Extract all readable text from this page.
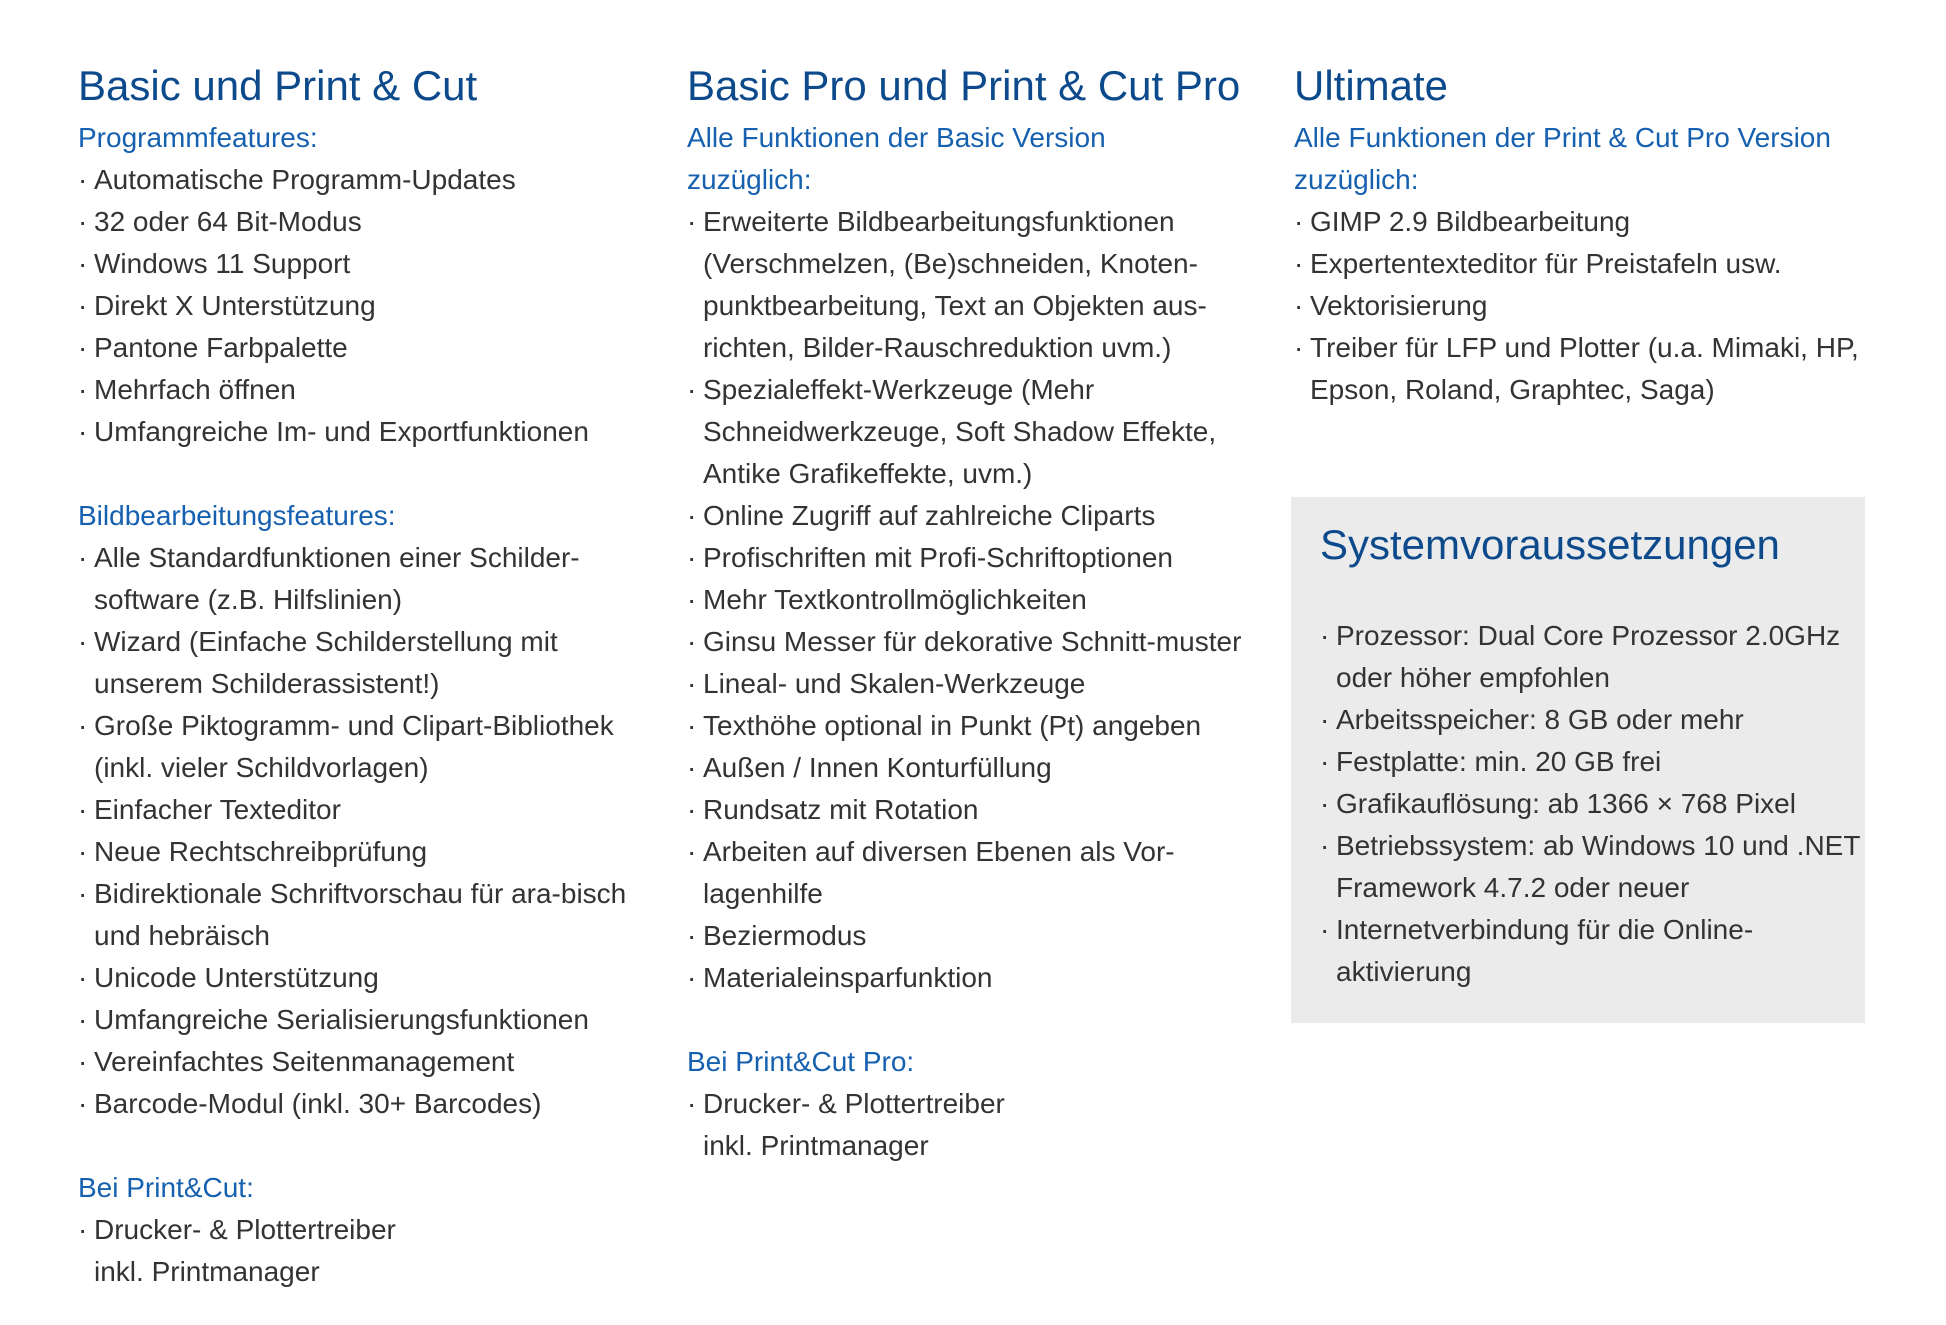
Basic und Print & Cut

Programmfeatures:

· Automatische Programm-Updates
· 32 oder 64 Bit-Modus
· Windows 11 Support
· Direkt X Unterstützung
· Pantone Farbpalette
· Mehrfach öffnen
· Umfangreiche Im- und Exportfunktionen

Bildbearbeitungsfeatures:

· Alle Standardfunktionen einer Schilder-software (z.B. Hilfslinien)
· Wizard (Einfache Schilderstellung mit unserem Schilderassistent!)
· Große Piktogramm- und Clipart-Bibliothek (inkl. vieler Schildvorlagen)
· Einfacher Texteditor
· Neue Rechtschreibprüfung
· Bidirektionale Schriftvorschau für ara-bisch und hebräisch
· Unicode Unterstützung
· Umfangreiche Serialisierungsfunktionen
· Vereinfachtes Seitenmanagement
· Barcode-Modul (inkl. 30+ Barcodes)

Bei Print&Cut:

· Drucker- & Plottertreiber inkl. Printmanager
Basic Pro und Print & Cut Pro

Alle Funktionen der Basic Version zuzüglich:

· Erweiterte Bildbearbeitungsfunktionen (Verschmelzen, (Be)schneiden, Knoten-punktbearbeitung, Text an Objekten aus-richten, Bilder-Rauschreduktion uvm.)
· Spezialeffekt-Werkzeuge (Mehr Schneidwerkzeuge, Soft Shadow Effekte, Antike Grafikeffekte, uvm.)
· Online Zugriff auf zahlreiche Cliparts
· Profischriften mit Profi-Schriftoptionen
· Mehr Textkontrollmöglichkeiten
· Ginsu Messer für dekorative Schnitt-muster
· Lineal- und Skalen-Werkzeuge
· Texthöhe optional in Punkt (Pt) angeben
· Außen / Innen Konturfüllung
· Rundsatz mit Rotation
· Arbeiten auf diversen Ebenen als Vor-lagenhilfe
· Beziermodus
· Materialeinsparfunktion

Bei Print&Cut Pro:

· Drucker- & Plottertreiber inkl. Printmanager
Ultimate

Alle Funktionen der Print & Cut Pro Version zuzüglich:

· GIMP 2.9 Bildbearbeitung
· Expertentexteditor für Preistafeln usw.
· Vektorisierung
· Treiber für LFP und Plotter (u.a. Mimaki, HP, Epson, Roland, Graphtec, Saga)
Systemvoraussetzungen
· Prozessor: Dual Core Prozessor 2.0GHz oder höher empfohlen
· Arbeitsspeicher: 8 GB oder mehr
· Festplatte: min. 20 GB frei
· Grafikauflösung: ab 1366 × 768 Pixel
· Betriebssystem: ab Windows 10 und .NET Framework 4.7.2 oder neuer
· Internetverbindung für die Online-aktivierung
